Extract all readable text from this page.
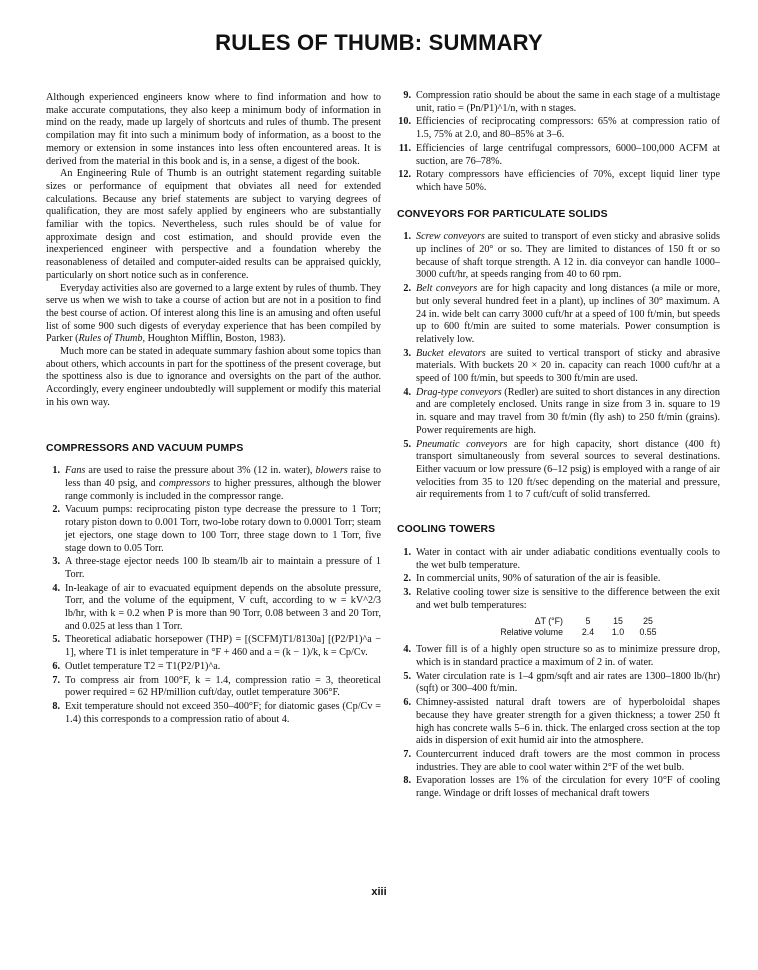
RULES OF THUMB: SUMMARY

Although experienced engineers know where to find information and how to make accurate computations, they also keep a minimum body of information in mind on the ready, made up largely of shortcuts and rules of thumb. The present compilation may fit into such a minimum body of information, as a boost to the memory or extension in some instances into less often encountered areas. It is derived from the material in this book and is, in a sense, a digest of the book.

An Engineering Rule of Thumb is an outright statement regarding suitable sizes or performance of equipment that obviates all need for extended calculations. Because any brief statements are subject to varying degrees of qualification, they are most safely applied by engineers who are substantially familiar with the topics. Nevertheless, such rules should be of value for approximate design and cost estimation, and should provide even the inexperienced engineer with perspective and a foundation whereby the reasonableness of detailed and computer-aided results can be appraised quickly, particularly on short notice such as in conference.

Everyday activities also are governed to a large extent by rules of thumb. They serve us when we wish to take a course of action but are not in a position to find the best course of action. Of interest along this line is an amusing and often useful list of some 900 such digests of everyday experience that has been compiled by Parker (Rules of Thumb, Houghton Mifflin, Boston, 1983).

Much more can be stated in adequate summary fashion about some topics than about others, which accounts in part for the spottiness of the present coverage, but the spottiness also is due to ignorance and oversights on the part of the author. Accordingly, every engineer undoubtedly will supplement or modify this material in his own way.

COMPRESSORS AND VACUUM PUMPS
1. Fans are used to raise the pressure about 3% (12 in. water), blowers raise to less than 40 psig, and compressors to higher pressures, although the blower range commonly is included in the compressor range.
2. Vacuum pumps: reciprocating piston type decrease the pressure to 1 Torr; rotary piston down to 0.001 Torr, two-lobe rotary down to 0.0001 Torr; steam jet ejectors, one stage down to 100 Torr, three stage down to 1 Torr, five stage down to 0.05 Torr.
3. A three-stage ejector needs 100 lb steam/lb air to maintain a pressure of 1 Torr.
4. In-leakage of air to evacuated equipment depends on the absolute pressure, Torr, and the volume of the equipment, V cuft, according to w = kV^2/3 lb/hr, with k = 0.2 when P is more than 90 Torr, 0.08 between 3 and 20 Torr, and 0.025 at less than 1 Torr.
5. Theoretical adiabatic horsepower (THP) = [(SCFM)T1/8130a] [(P2/P1)^a − 1], where T1 is inlet temperature in °F + 460 and a = (k − 1)/k, k = Cp/Cv.
6. Outlet temperature T2 = T1(P2/P1)^a.
7. To compress air from 100°F, k = 1.4, compression ratio = 3, theoretical power required = 62 HP/million cuft/day, outlet temperature 306°F.
8. Exit temperature should not exceed 350–400°F; for diatomic gases (Cp/Cv = 1.4) this corresponds to a compression ratio of about 4.
9. Compression ratio should be about the same in each stage of a multistage unit, ratio = (Pn/P1)^1/n, with n stages.
10. Efficiencies of reciprocating compressors: 65% at compression ratio of 1.5, 75% at 2.0, and 80–85% at 3–6.
11. Efficiencies of large centrifugal compressors, 6000–100,000 ACFM at suction, are 76–78%.
12. Rotary compressors have efficiencies of 70%, except liquid liner type which have 50%.
CONVEYORS FOR PARTICULATE SOLIDS
1. Screw conveyors are suited to transport of even sticky and abrasive solids up inclines of 20° or so. They are limited to distances of 150 ft or so because of shaft torque strength. A 12 in. dia conveyor can handle 1000–3000 cuft/hr, at speeds ranging from 40 to 60 rpm.
2. Belt conveyors are for high capacity and long distances (a mile or more, but only several hundred feet in a plant), up inclines of 30° maximum. A 24 in. wide belt can carry 3000 cuft/hr at a speed of 100 ft/min, but speeds up to 600 ft/min are suited to some materials. Power consumption is relatively low.
3. Bucket elevators are suited to vertical transport of sticky and abrasive materials. With buckets 20 × 20 in. capacity can reach 1000 cuft/hr at a speed of 100 ft/min, but speeds to 300 ft/min are used.
4. Drag-type conveyors (Redler) are suited to short distances in any direction and are completely enclosed. Units range in size from 3 in. square to 19 in. square and may travel from 30 ft/min (fly ash) to 250 ft/min (grains). Power requirements are high.
5. Pneumatic conveyors are for high capacity, short distance (400 ft) transport simultaneously from several sources to several destinations. Either vacuum or low pressure (6–12 psig) is employed with a range of air velocities from 35 to 120 ft/sec depending on the material and pressure, air requirements from 1 to 7 cuft/cuft of solid transferred.
COOLING TOWERS
1. Water in contact with air under adiabatic conditions eventually cools to the wet bulb temperature.
2. In commercial units, 90% of saturation of the air is feasible.
3. Relative cooling tower size is sensitive to the difference between the exit and wet bulb temperatures:
ΔT (°F)	5	15	25
Relative volume	2.4	1.0	0.55
4. Tower fill is of a highly open structure so as to minimize pressure drop, which is in standard practice a maximum of 2 in. of water.
5. Water circulation rate is 1–4 gpm/sqft and air rates are 1300–1800 lb/(hr)(sqft) or 300–400 ft/min.
6. Chimney-assisted natural draft towers are of hyperboloidal shapes because they have greater strength for a given thickness; a tower 250 ft high has concrete walls 5–6 in. thick. The enlarged cross section at the top aids in dispersion of exit humid air into the atmosphere.
7. Countercurrent induced draft towers are the most common in process industries. They are able to cool water within 2°F of the wet bulb.
8. Evaporation losses are 1% of the circulation for every 10°F of cooling range. Windage or drift losses of mechanical draft towers
xiii
